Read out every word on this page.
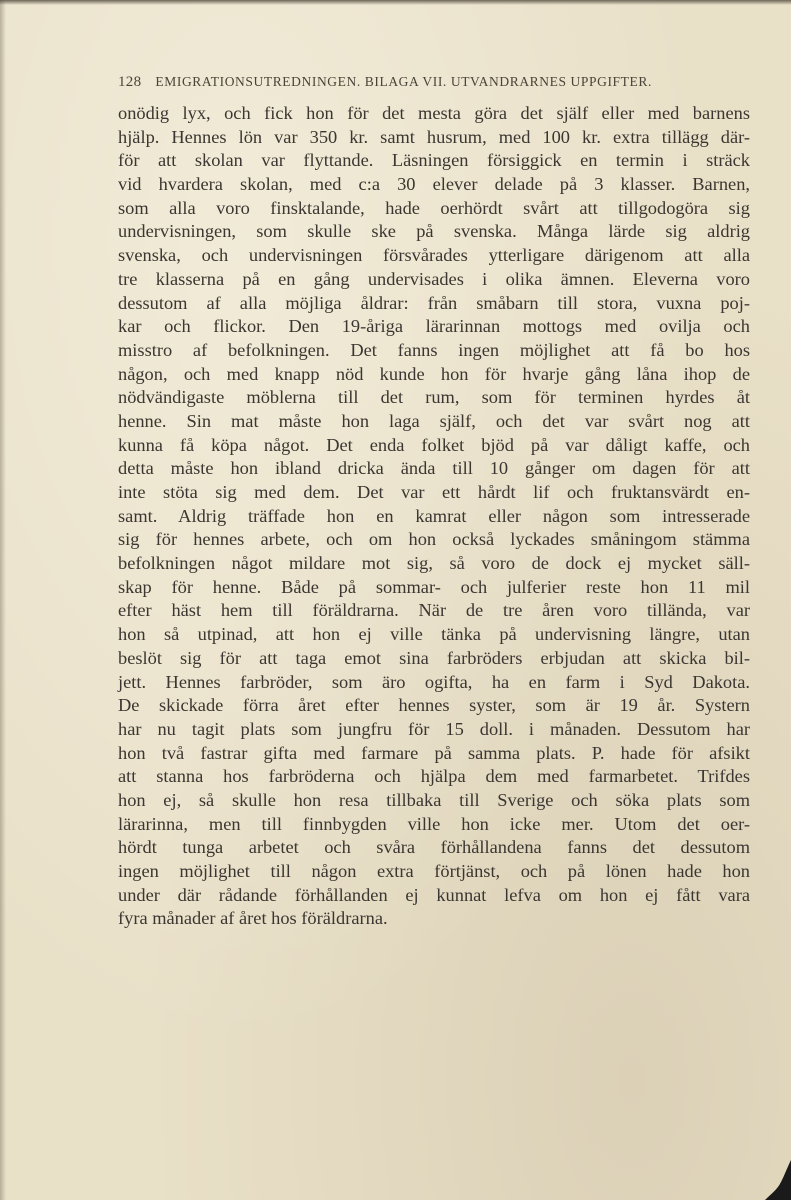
128 EMIGRATIONSUTREDNINGEN. BILAGA VII. UTVANDRARNES UPPGIFTER.
onödig lyx, och fick hon för det mesta göra det själf eller med barnens
hjälp. Hennes lön var 350 kr. samt husrum, med 100 kr. extra tillägg där-
för att skolan var flyttande. Läsningen försiggick en termin i sträck
vid hvardera skolan, med c:a 30 elever delade på 3 klasser. Barnen,
som alla voro finsktalande, hade oerhördt svårt att tillgodogöra sig
undervisningen, som skulle ske på svenska. Många lärde sig aldrig
svenska, och undervisningen försvårades ytterligare därigenom att alla
tre klasserna på en gång undervisades i olika ämnen. Eleverna voro
dessutom af alla möjliga åldrar: från småbarn till stora, vuxna poj-
kar och flickor. Den 19-åriga lärarinnan mottogs med ovilja och
misstro af befolkningen. Det fanns ingen möjlighet att få bo hos
någon, och med knapp nöd kunde hon för hvarje gång låna ihop de
nödvändigaste möblerna till det rum, som för terminen hyrdes åt
henne. Sin mat måste hon laga själf, och det var svårt nog att
kunna få köpa något. Det enda folket bjöd på var dåligt kaffe, och
detta måste hon ibland dricka ända till 10 gånger om dagen för att
inte stöta sig med dem. Det var ett hårdt lif och fruktansvärdt en-
samt. Aldrig träffade hon en kamrat eller någon som intresserade
sig för hennes arbete, och om hon också lyckades småningom stämma
befolkningen något mildare mot sig, så voro de dock ej mycket säll-
skap för henne. Både på sommar- och julferier reste hon 11 mil
efter häst hem till föräldrarna. När de tre åren voro tilländа, var
hon så utpinad, att hon ej ville tänka på undervisning längre, utan
beslöt sig för att taga emot sina farbröders erbjudan att skicka bil-
jett. Hennes farbröder, som äro ogifta, ha en farm i Syd Dakota.
De skickade förra året efter hennes syster, som är 19 år. Systern
har nu tagit plats som jungfru för 15 doll. i månaden. Dessutom har
hon två fastrar gifta med farmare på samma plats. P. hade för afsikt
att stanna hos farbröderna och hjälpa dem med farmarbetet. Trifdes
hon ej, så skulle hon resa tillbaka till Sverige och söka plats som
lärarinna, men till finnbygden ville hon icke mer. Utom det oer-
hördt tunga arbetet och svåra förhållandena fanns det dessutom
ingen möjlighet till någon extra förtjänst, och på lönen hade hon
under där rådande förhållanden ej kunnat lefva om hon ej fått vara
fyra månader af året hos föräldrarna.
